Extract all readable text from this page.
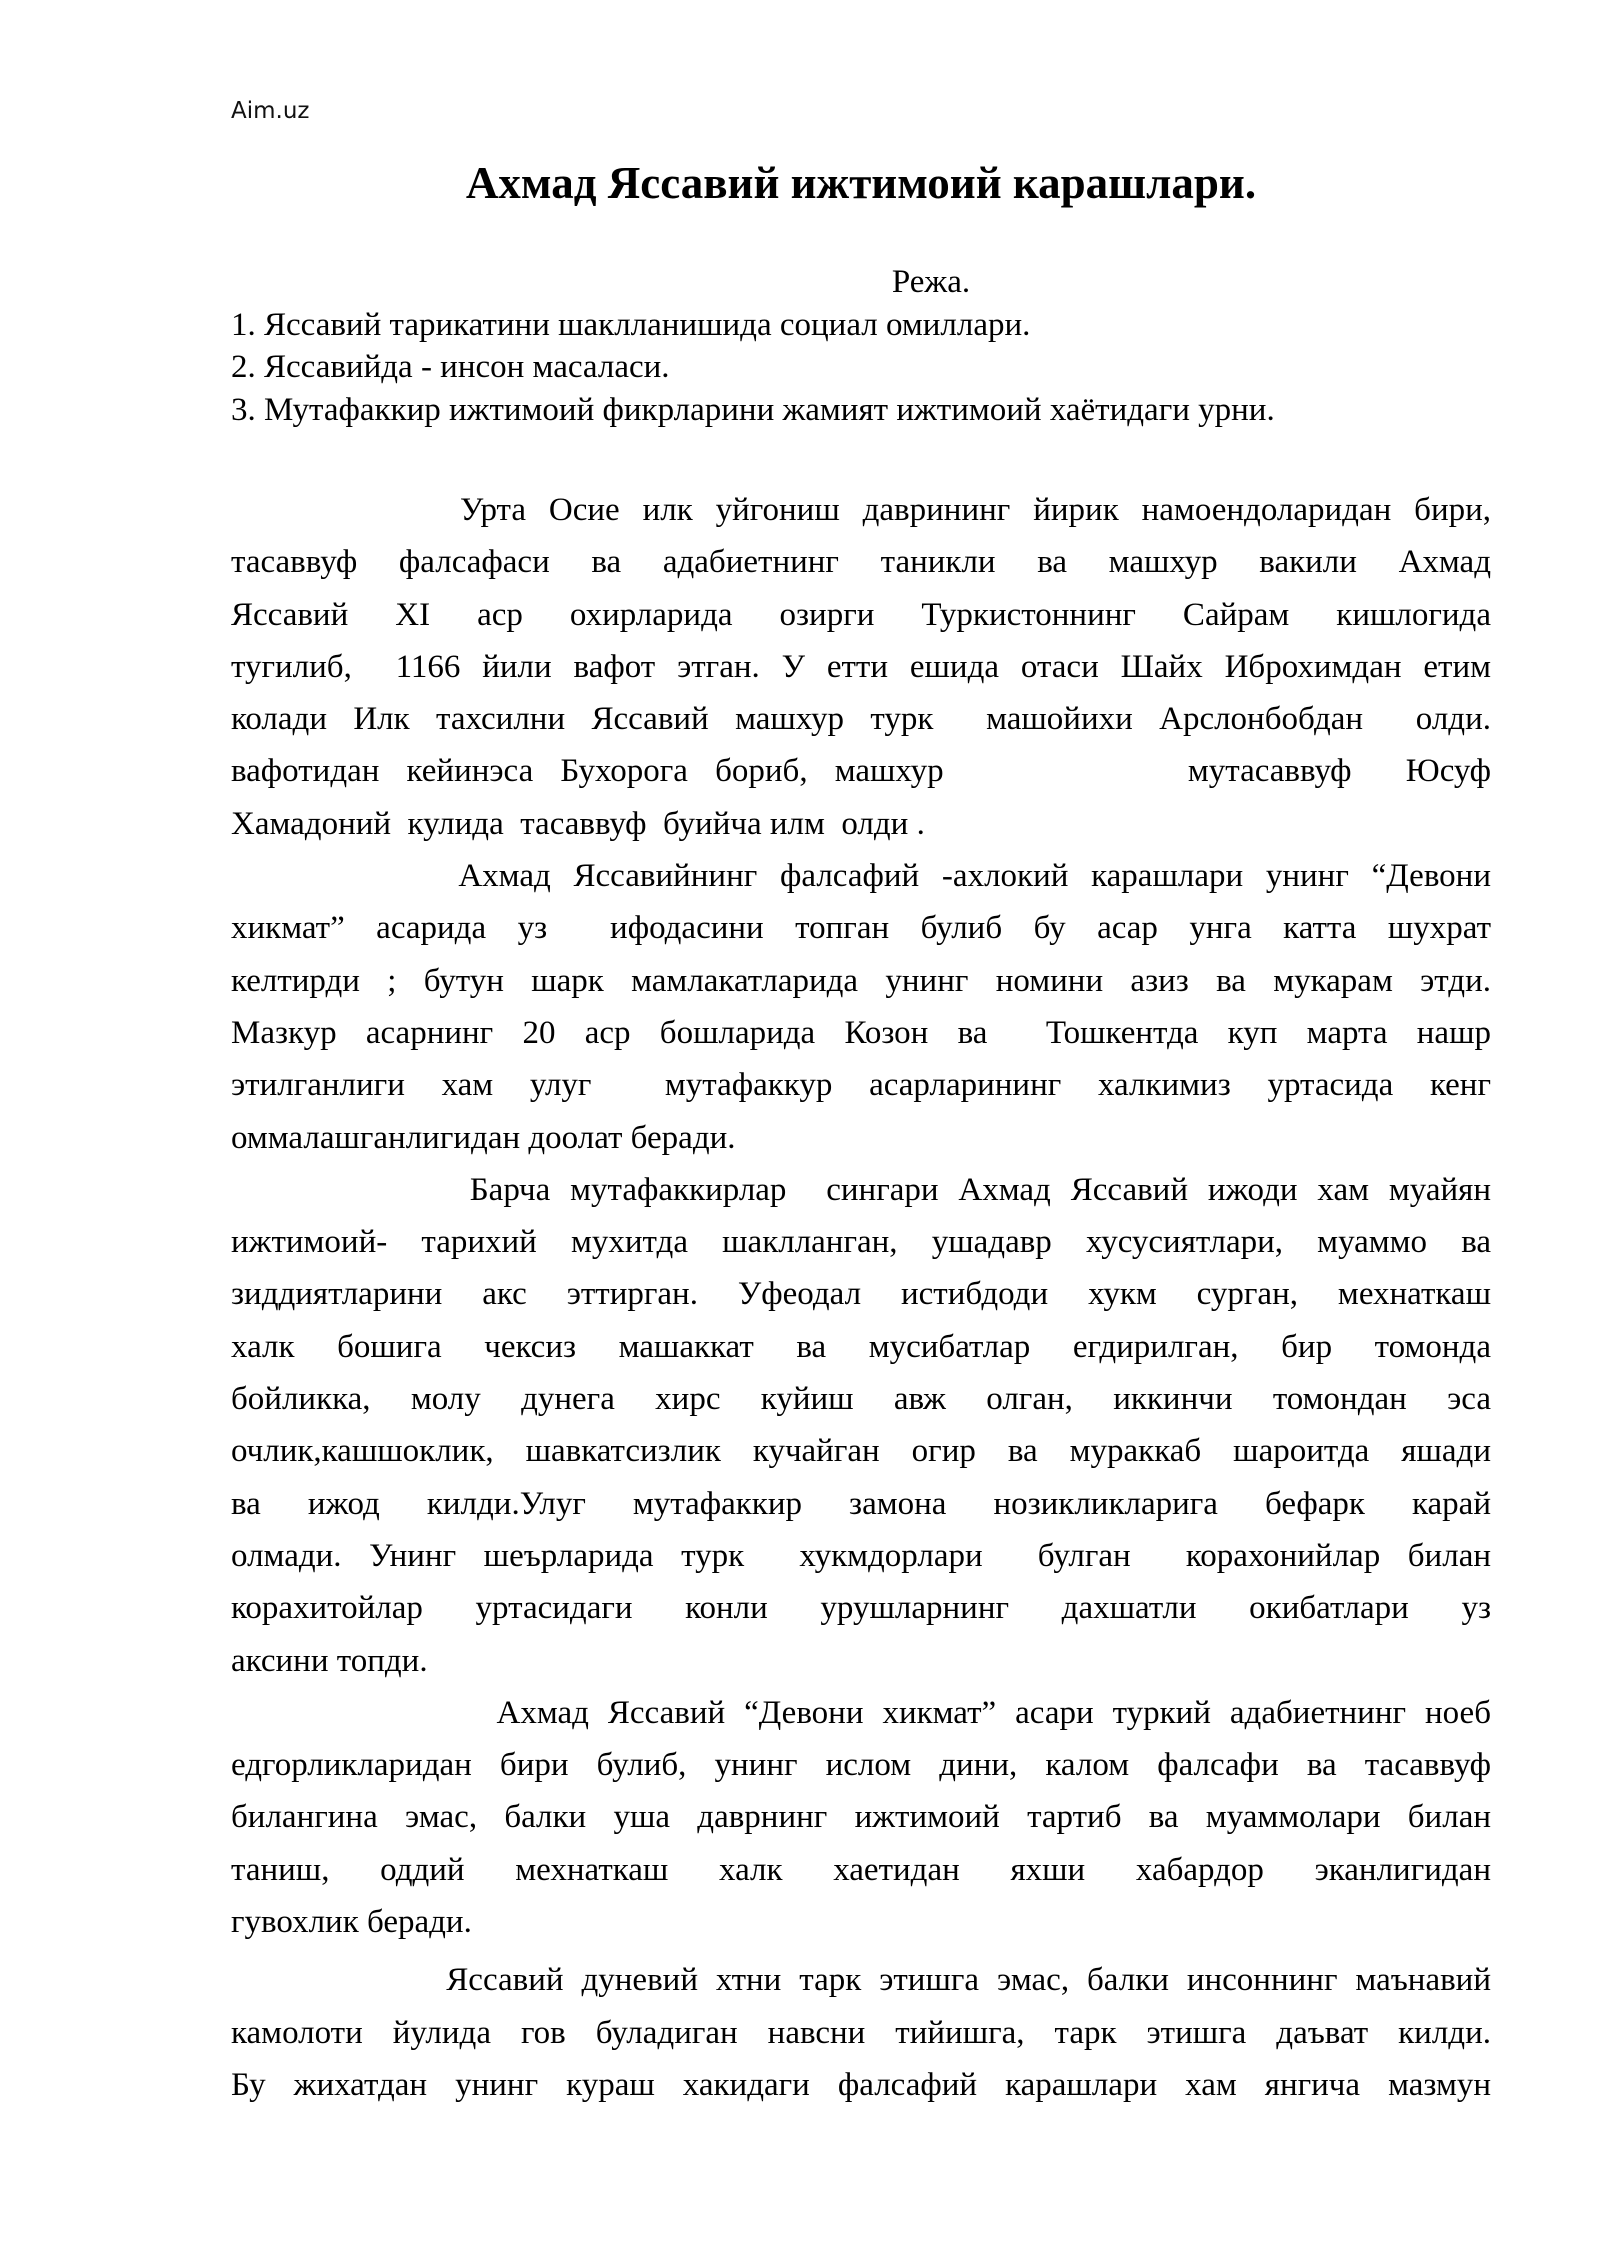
Aim.uz
Ахмад Яссавий ижтимоий карашлари.
Режа.
1. Яссавий тарикатини шаклланишида социал омиллари.
2. Яссавийда - инсон масаласи.
3. Мутафаккир ижтимоий фикрларини жамият ижтимоий хаётидаги урни.
Урта Осие илк уйгониш даврининг йирик намоендоларидан бири,
тасаввуф фалсафаси ва адабиетнинг таникли ва машхур вакили Ахмад
Яссавий XI аср охирларида озирги Туркистоннинг Сайрам кишлогида
тугилиб,  1166 йили вафот этган. У етти ешида отаси Шайх Иброхимдан етим
колади Илк тахсилни Яссавий машхур турк  машойихи Арслонбобдан  олди.
вафотидан кейинэса Бухорога бориб, машхур         мутасаввуф  Юсуф
Хамадоний  кулида  тасаввуф  буийча илм  олди .
Ахмад Яссавийнинг фалсафий -ахлокий карашлари унинг “Девони
хикмат” асарида уз  ифодасини топган булиб бу асар унга катта шухрат
келтирди ; бутун шарк мамлакатларида унинг номини азиз ва мукарам этди.
Мазкур асарнинг 20 аср бошларида Козон ва  Тошкентда куп марта нашр
этилганлиги хам улуг  мутафаккур асарларининг халкимиз уртасида кенг
оммалашганлигидан доолат беради.
Барча мутафаккирлар  сингари Ахмад Яссавий ижоди хам муайян
ижтимоий- тарихий мухитда шаклланган, ушадавр хусусиятлари, муаммо ва
зиддиятларини акс эттирган. Уфеодал истибдоди хукм сурган, мехнаткаш
халк бошига чексиз машаккат ва мусибатлар егдирилган, бир томонда
бойликка, молу дунега хирс куйиш авж олган, иккинчи томондан эса
очлик,кашшоклик, шавкатсизлик кучайган огир ва мураккаб шароитда яшади
ва ижод килди.Улуг мутафаккир замона нозикликларига бефарк карай
олмади. Унинг шеърларида турк  хукмдорлари  булган  корахонийлар билан
корахитойлар уртасидаги конли урушларнинг дахшатли окибатлари уз
аксини топди.
Ахмад Яссавий “Девони хикмат” асари туркий адабиетнинг ноеб
едгорликларидан бири булиб, унинг ислом дини, калом фалсафи ва тасаввуф
билангина эмас, балки уша даврнинг ижтимоий тартиб ва муаммолари билан
таниш, оддий мехнаткаш халк хаетидан яхши хабардор эканлигидан
гувохлик беради.
Яссавий дуневий хтни тарк этишга эмас, балки инсоннинг маънавий
камолоти йулида гов буладиган навсни тийишга, тарк этишга даъват килди.
Бу жихатдан унинг кураш хакидаги фалсафий карашлари хам янгича мазмун
